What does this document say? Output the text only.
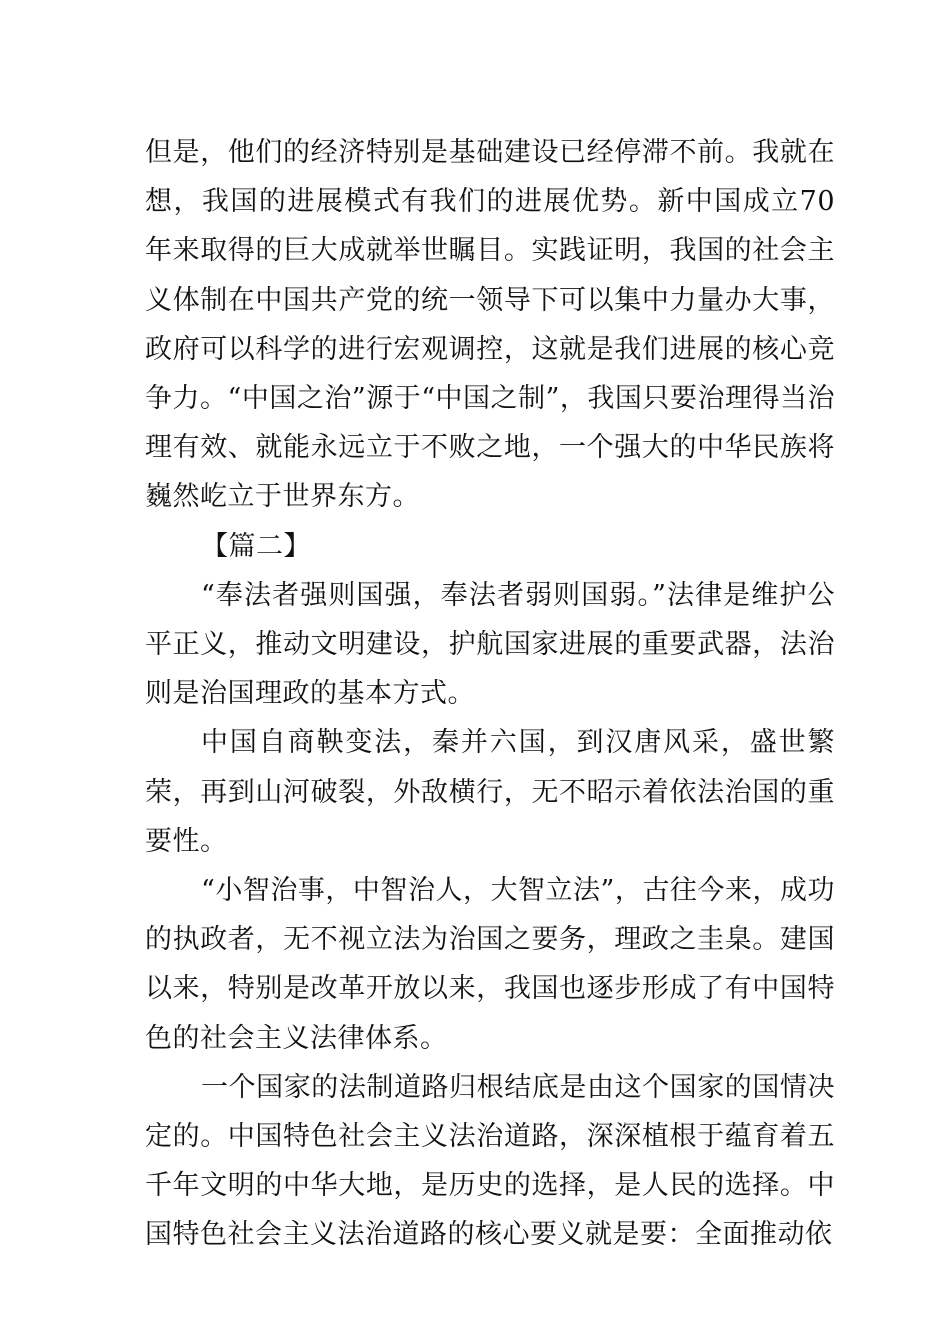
但是，他们的经济特别是基础建设已经停滞不前。我就在想，我国的进展模式有我们的进展优势。新中国成立70年来取得的巨大成就举世瞩目。实践证明，我国的社会主义体制在中国共产党的统一领导下可以集中力量办大事，政府可以科学的进行宏观调控，这就是我们进展的核心竞争力。“中国之治”源于“中国之制”，我国只要治理得当治理有效、就能永远立于不败之地，一个强大的中华民族将巍然屹立于世界东方。

【篇二】

“奉法者强则国强，奉法者弱则国弱。”法律是维护公平正义，推动文明建设，护航国家进展的重要武器，法治则是治国理政的基本方式。

中国自商鞅变法，秦并六国，到汉唐风采，盛世繁荣，再到山河破裂，外敌横行，无不昭示着依法治国的重要性。

“小智治事，中智治人，大智立法”，古往今来，成功的执政者，无不视立法为治国之要务，理政之圭臬。建国以来，特别是改革开放以来，我国也逐步形成了有中国特色的社会主义法律体系。

一个国家的法制道路归根结底是由这个国家的国情决定的。中国特色社会主义法治道路，深深植根于蕴育着五千年文明的中华大地，是历史的选择，是人民的选择。中国特色社会主义法治道路的核心要义就是要：全面推动依
